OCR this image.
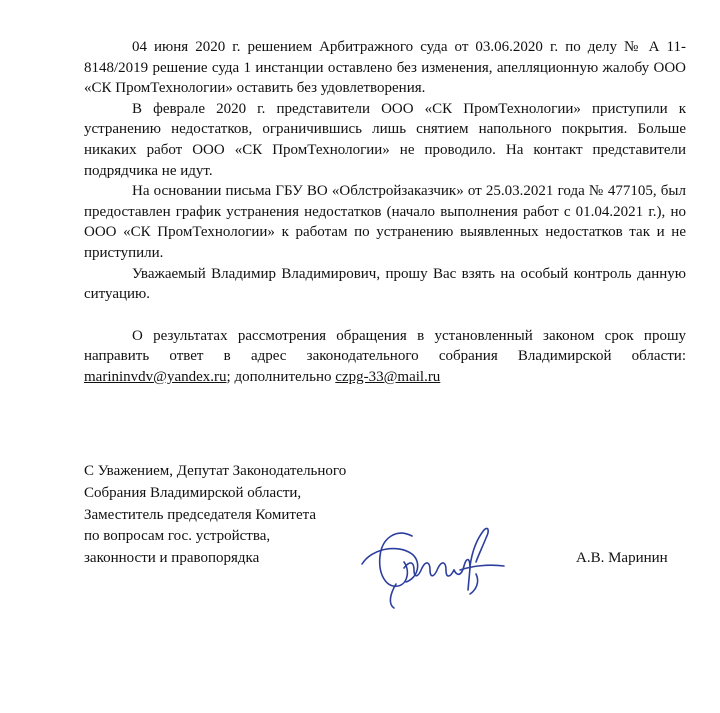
04 июня 2020 г. решением Арбитражного суда от 03.06.2020 г. по делу № А 11-8148/2019 решение суда 1 инстанции оставлено без изменения, апелляционную жалобу ООО «СК ПромТехнологии» оставить без удовлетворения.

В феврале 2020 г. представители ООО «СК ПромТехнологии» приступили к устранению недостатков, ограничившись лишь снятием напольного покрытия. Больше никаких работ ООО «СК ПромТехнологии» не проводило. На контакт представители подрядчика не идут.

На основании письма ГБУ ВО «Облстройзаказчик» от 25.03.2021 года № 477105, был предоставлен график устранения недостатков (начало выполнения работ с 01.04.2021 г.), но ООО «СК ПромТехнологии» к работам по устранению выявленных недостатков так и не приступили.

Уважаемый Владимир Владимирович, прошу Вас взять на особый контроль данную ситуацию.

О результатах рассмотрения обращения в установленный законом срок прошу направить ответ в адрес законодательного собрания Владимирской области: marininvdv@yandex.ru; дополнительно czpg-33@mail.ru

С Уважением, Депутат Законодательного
Собрания Владимирской области,
Заместитель председателя Комитета
по вопросам гос. устройства,
законности и правопорядка	А.В. Маринин
